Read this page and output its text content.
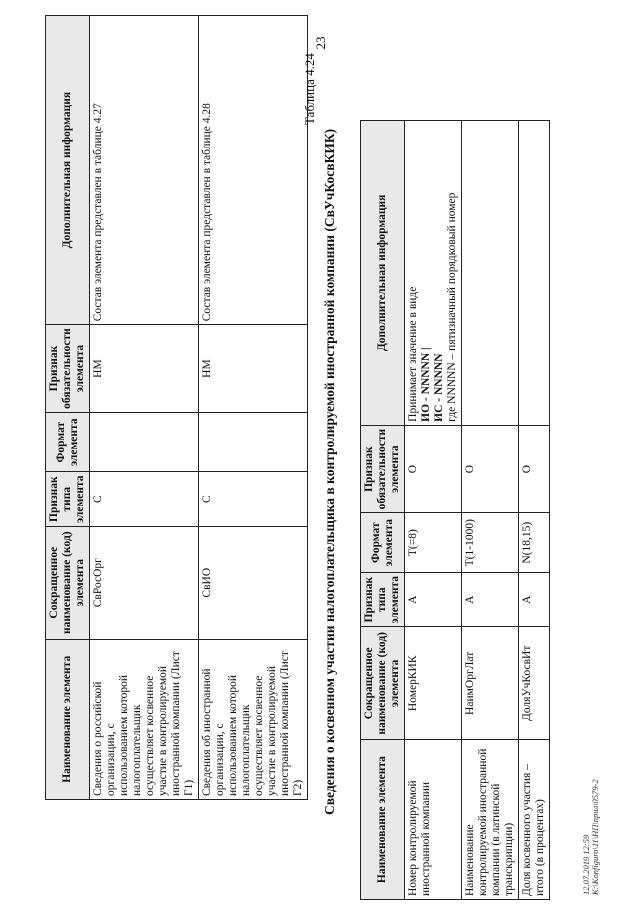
23
Наименование элемента	Сокращенное наименование (код) элемента	Признак типа элемента	Формат элемента	Признак обязательности элемента	Дополнительная информация
Сведения о российской организации, с использованием которой налогоплательщик осуществляет косвенное участие в контролируемой иностранной компании (Лист Г1)	СвРосОрг	С		НМ	Состав элемента представлен в таблице 4.27
Сведения об иностранной организации, с использованием которой налогоплательщик осуществляет косвенное участие в контролируемой иностранной компании (Лист Г2)	СвИО	С		НМ	Состав элемента представлен в таблице 4.28
Таблица 4.24
Сведения о косвенном участии налогоплательщика в контролируемой иностранной компании (СвУчКосвКИК)
Наименование элемента	Сокращенное наименование (код) элемента	Признак типа элемента	Формат элемента	Признак обязательности элемента	Дополнительная информация
Номер контролируемой иностранной компании	НомерКИК	А	T(=8)	О	Принимает значение в виде ИО - NNNNN | ИС - NNNNN где NNNNN – пятизначный порядковый номер

Наименование контролируемой иностранной компании (в латинской транскрипции)	НаимОргЛат	А	T(1-1000)	О	
Доля косвенного участия – итого (в процентах)	ДоляУчКосвИт	А	N(18,15)	О	
12.07.2019 12:59 К:\Konfiguro\11\НП\прил\0579-2
